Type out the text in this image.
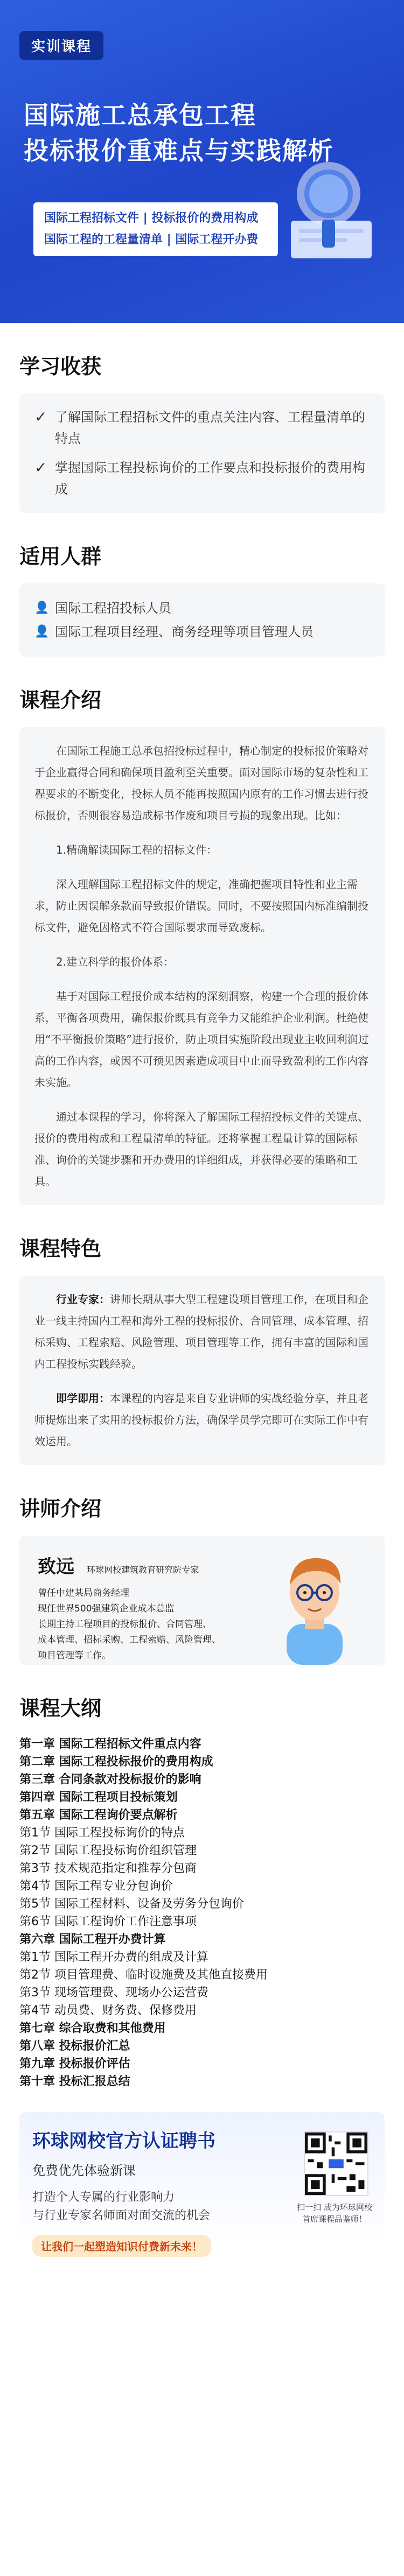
实训课程
国际施工总承包工程
投标报价重难点与实践解析
国际工程招标文件 | 投标报价的费用构成
国际工程的工程量清单 | 国际工程开办费
学习收获
✓ 了解国际工程招标文件的重点关注内容、工程量清单的特点
✓ 掌握国际工程投标询价的工作要点和投标报价的费用构成
适用人群
👤 国际工程招投标人员
👤 国际工程项目经理、商务经理等项目管理人员
课程介绍

在国际工程施工总承包招投标过程中，精心制定的投标报价策略对于企业赢得合同和确保项目盈利至关重要。面对国际市场的复杂性和工程要求的不断变化，投标人员不能再按照国内原有的工作习惯去进行投标报价，否则很容易造成标书作废和项目亏损的现象出现。比如：

1.精确解读国际工程的招标文件：

深入理解国际工程招标文件的规定，准确把握项目特性和业主需求，防止因误解条款而导致报价错误。同时，不要按照国内标准编制投标文件，避免因格式不符合国际要求而导致废标。

2.建立科学的报价体系：

基于对国际工程报价成本结构的深刻洞察，构建一个合理的报价体系，平衡各项费用，确保报价既具有竞争力又能维护企业利润。杜绝使用“不平衡报价策略”进行报价，防止项目实施阶段出现业主收回利润过高的工作内容，或因不可预见因素造成项目中止而导致盈利的工作内容未实施。

通过本课程的学习，你将深入了解国际工程招投标文件的关键点、报价的费用构成和工程量清单的特征。还将掌握工程量计算的国际标准、询价的关键步骤和开办费用的详细组成，并获得必要的策略和工具。

课程特色

行业专家：讲师长期从事大型工程建设项目管理工作，在项目和企业一线主持国内工程和海外工程的投标报价、合同管理、成本管理、招标采购、工程索赔、风险管理、项目管理等工作，拥有丰富的国际和国内工程投标实践经验。

即学即用：本课程的内容是来自专业讲师的实战经验分享，并且老师提炼出来了实用的投标报价方法，确保学员学完即可在实际工作中有效运用。

讲师介绍
致远 环球网校建筑教育研究院专家
曾任中建某局商务经理
现任世界500强建筑企业成本总监
长期主持工程项目的投标报价、合同管理、
成本管理、招标采购、工程索赔、风险管理、
项目管理等工作。
课程大纲
第一章 国际工程招标文件重点内容
第二章 国际工程投标报价的费用构成
第三章 合同条款对投标报价的影响
第四章 国际工程项目投标策划
第五章 国际工程询价要点解析
第1节 国际工程投标询价的特点
第2节 国际工程投标询价组织管理
第3节 技术规范指定和推荐分包商
第4节 国际工程专业分包询价
第5节 国际工程材料、设备及劳务分包询价
第6节 国际工程询价工作注意事项
第六章 国际工程开办费计算
第1节 国际工程开办费的组成及计算
第2节 项目管理费、临时设施费及其他直接费用
第3节 现场管理费、现场办公运营费
第4节 动员费、财务费、保修费用
第七章 综合取费和其他费用
第八章 投标报价汇总
第九章 投标报价评估
第十章 投标汇报总结
环球网校官方认证聘书
免费优先体验新课
打造个人专属的行业影响力
与行业专家名师面对面交流的机会
让我们一起塑造知识付费新未来！
扫一扫 成为环球网校
首席课程品鉴师！
